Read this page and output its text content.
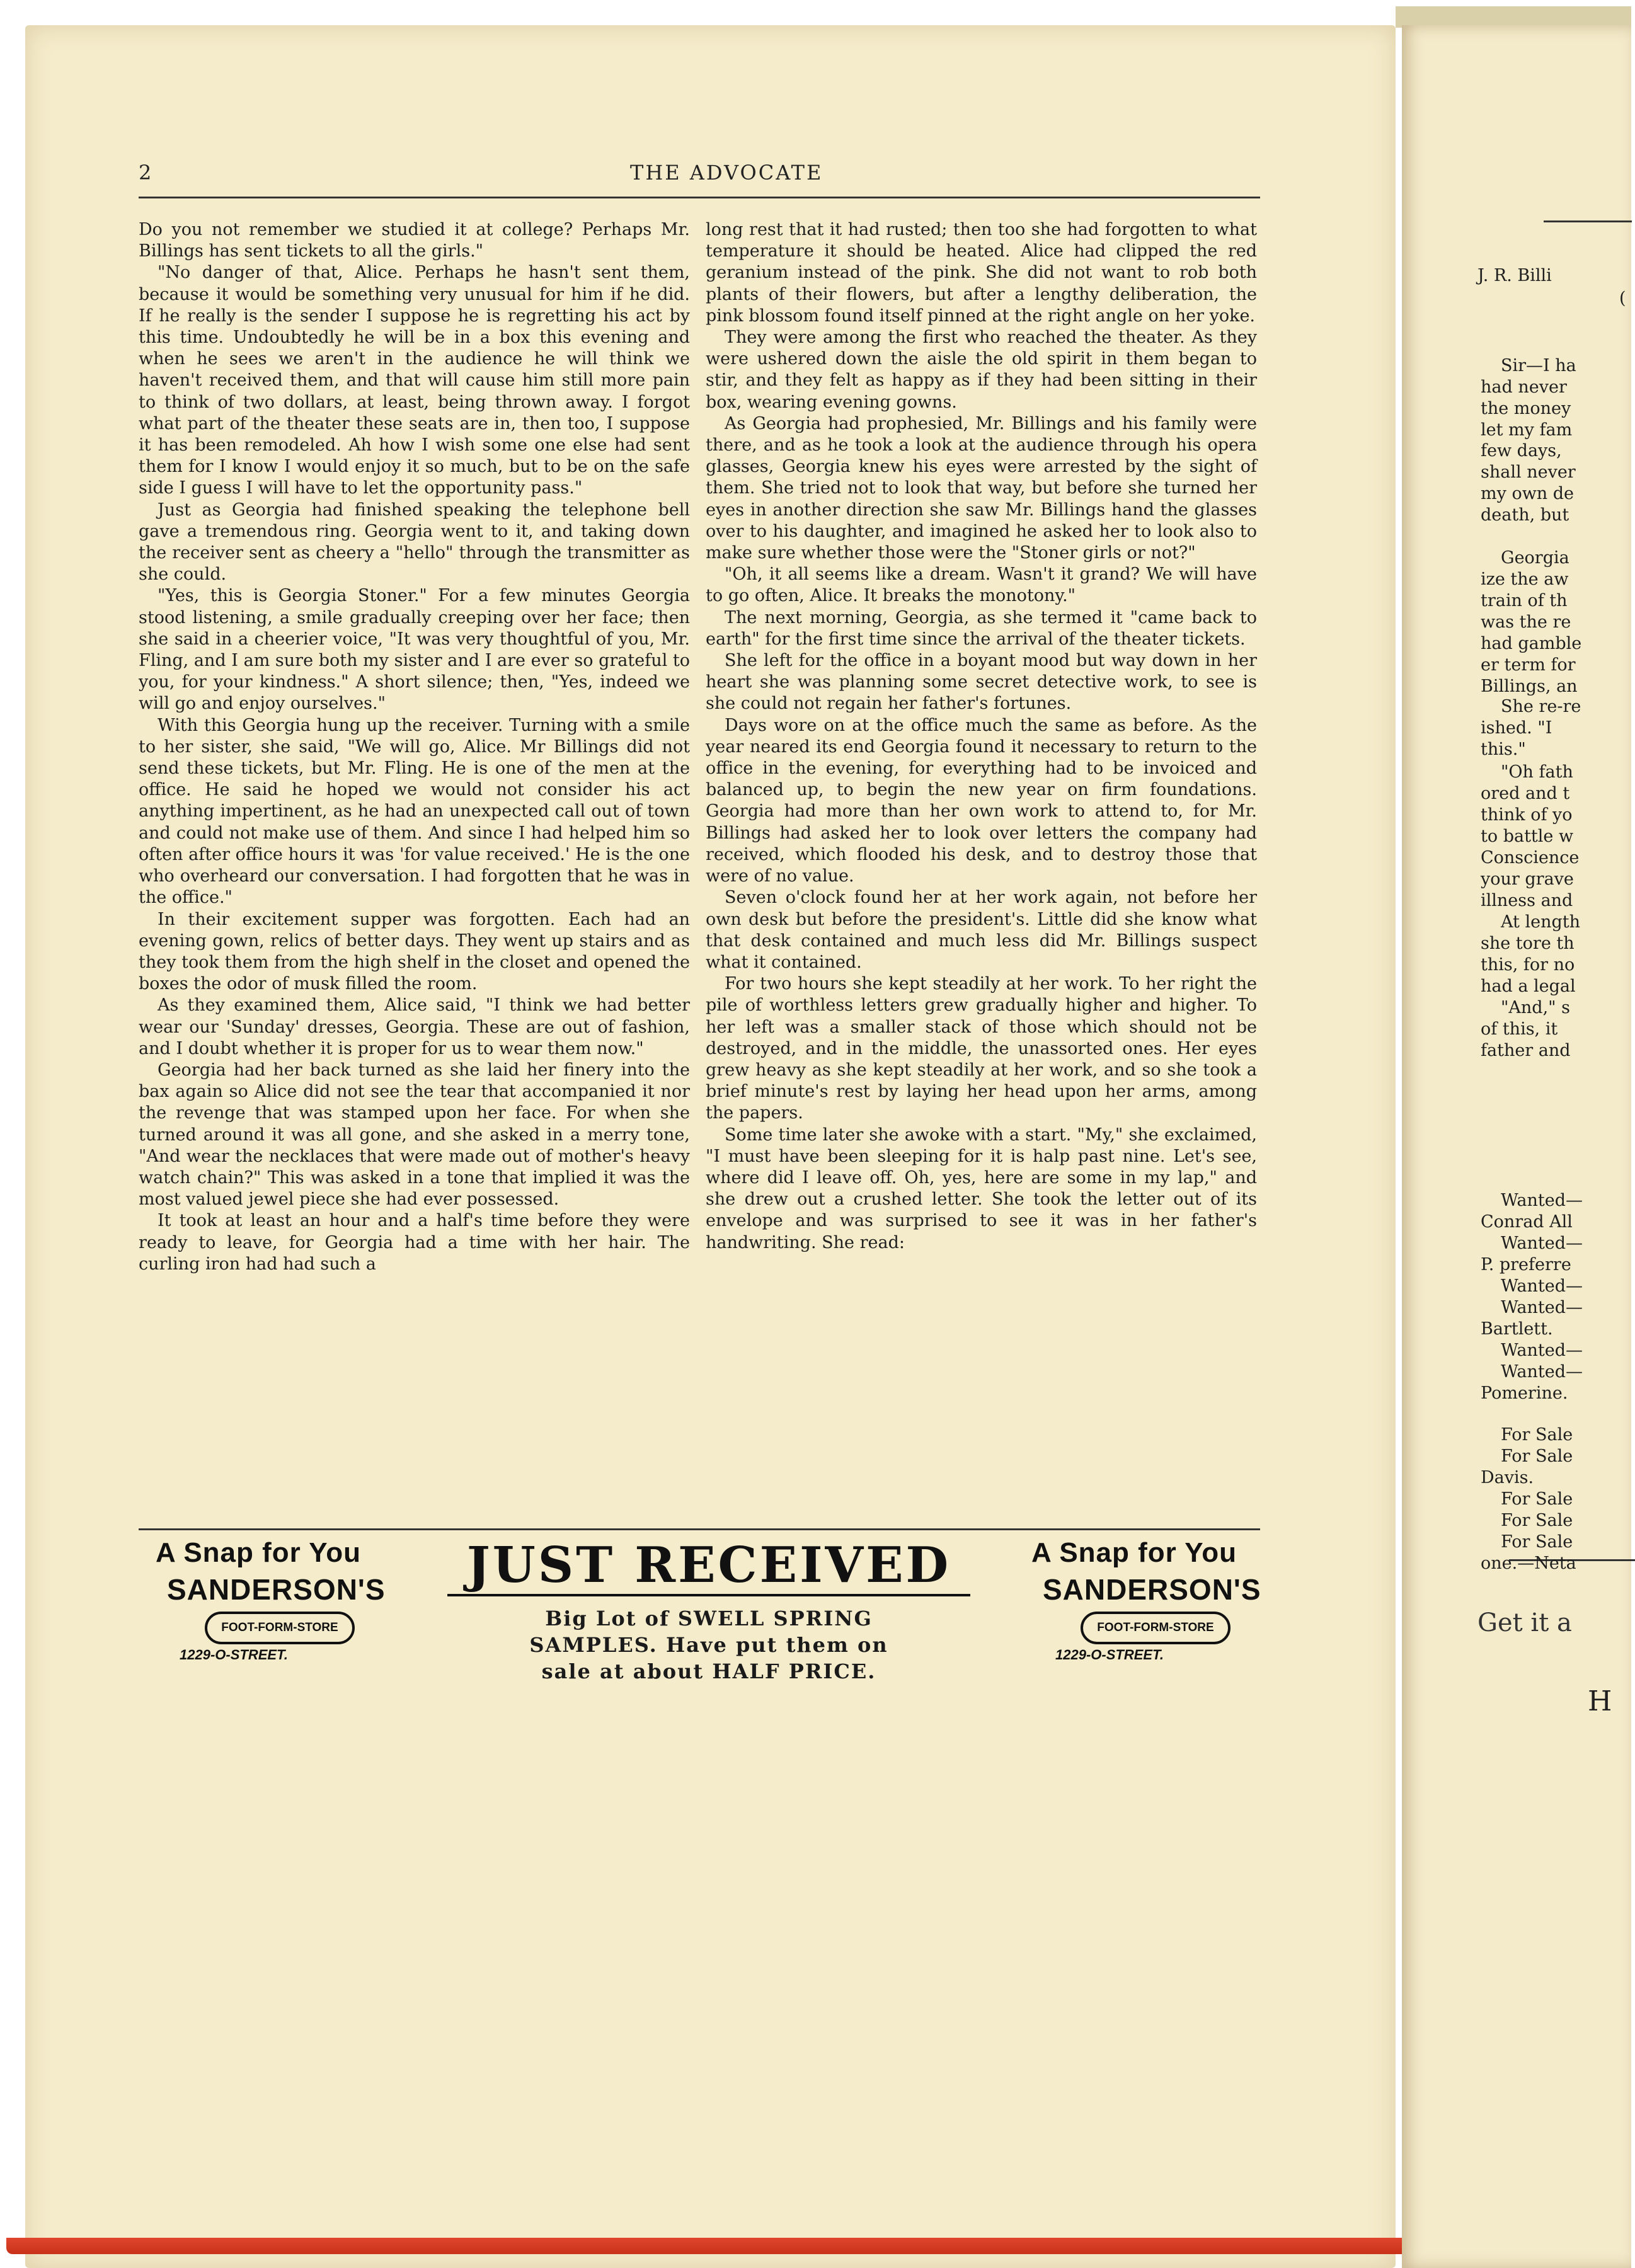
2	THE ADVOCATE

Do you not remember we studied it at college? Perhaps Mr. Billings has sent tickets to all the girls."

"No danger of that, Alice. Perhaps he hasn't sent them, because it would be something very unusual for him if he did. If he really is the sender I suppose he is regretting his act by this time. Undoubtedly he will be in a box this evening and when he sees we aren't in the audience he will think we haven't received them, and that will cause him still more pain to think of two dollars, at least, being thrown away. I forgot what part of the theater these seats are in, then too, I suppose it has been remodeled. Ah how I wish some one else had sent them for I know I would enjoy it so much, but to be on the safe side I guess I will have to let the opportunity pass."

Just as Georgia had finished speaking the telephone bell gave a tremendous ring. Georgia went to it, and taking down the receiver sent as cheery a "hello" through the transmitter as she could.

"Yes, this is Georgia Stoner." For a few minutes Georgia stood listening, a smile gradually creeping over her face; then she said in a cheerier voice, "It was very thoughtful of you, Mr. Fling, and I am sure both my sister and I are ever so grateful to you, for your kindness." A short silence; then, "Yes, indeed we will go and enjoy ourselves."

With this Georgia hung up the receiver. Turning with a smile to her sister, she said, "We will go, Alice. Mr Billings did not send these tickets, but Mr. Fling. He is one of the men at the office. He said he hoped we would not consider his act anything impertinent, as he had an unexpected call out of town and could not make use of them. And since I had helped him so often after office hours it was 'for value received.' He is the one who overheard our conversation. I had forgotten that he was in the office."

In their excitement supper was forgotten. Each had an evening gown, relics of better days. They went up stairs and as they took them from the high shelf in the closet and opened the boxes the odor of musk filled the room.

As they examined them, Alice said, "I think we had better wear our 'Sunday' dresses, Georgia. These are out of fashion, and I doubt whether it is proper for us to wear them now."

Georgia had her back turned as she laid her finery into the bax again so Alice did not see the tear that accompanied it nor the revenge that was stamped upon her face. For when she turned around it was all gone, and she asked in a merry tone, "And wear the necklaces that were made out of mother's heavy watch chain?" This was asked in a tone that implied it was the most valued jewel piece she had ever possessed.

It took at least an hour and a half's time before they were ready to leave, for Georgia had a time with her hair. The curling iron had had such a

long rest that it had rusted; then too she had forgotten to what temperature it should be heated. Alice had clipped the red geranium instead of the pink. She did not want to rob both plants of their flowers, but after a lengthy deliberation, the pink blossom found itself pinned at the right angle on her yoke.

They were among the first who reached the theater. As they were ushered down the aisle the old spirit in them began to stir, and they felt as happy as if they had been sitting in their box, wearing evening gowns.

As Georgia had prophesied, Mr. Billings and his family were there, and as he took a look at the audience through his opera glasses, Georgia knew his eyes were arrested by the sight of them. She tried not to look that way, but before she turned her eyes in another direction she saw Mr. Billings hand the glasses over to his daughter, and imagined he asked her to look also to make sure whether those were the "Stoner girls or not?"

"Oh, it all seems like a dream. Wasn't it grand? We will have to go often, Alice. It breaks the monotony."

The next morning, Georgia, as she termed it "came back to earth" for the first time since the arrival of the theater tickets.

She left for the office in a boyant mood but way down in her heart she was planning some secret detective work, to see is she could not regain her father's fortunes.

Days wore on at the office much the same as before. As the year neared its end Georgia found it necessary to return to the office in the evening, for everything had to be invoiced and balanced up, to begin the new year on firm foundations. Georgia had more than her own work to attend to, for Mr. Billings had asked her to look over letters the company had received, which flooded his desk, and to destroy those that were of no value.

Seven o'clock found her at her work again, not before her own desk but before the president's. Little did she know what that desk contained and much less did Mr. Billings suspect what it contained.

For two hours she kept steadily at her work. To her right the pile of worthless letters grew gradually higher and higher. To her left was a smaller stack of those which should not be destroyed, and in the middle, the unassorted ones. Her eyes grew heavy as she kept steadily at her work, and so she took a brief minute's rest by laying her head upon her arms, among the papers.

Some time later she awoke with a start. "My," she exclaimed, "I must have been sleeping for it is halp past nine. Let's see, where did I leave off. Oh, yes, here are some in my lap," and she drew out a crushed letter. She took the letter out of its envelope and was surprised to see it was in her father's handwriting. She read:

A Snap for You
SANDERSON'S
FOOT-FORM-STORE
1229-O-STREET.
JUST RECEIVED
Big Lot of SWELL SPRING
SAMPLES. Have put them on
sale at about HALF PRICE.
A Snap for You
SANDERSON'S
FOOT-FORM-STORE
1229-O-STREET.
J. R. Billi
(
Sir—I ha
had never
the money
let my fam
few days,
shall never
my own de
death, but
Georgia
ize the aw
train of th
was the re
had gamble
er term for
Billings, an
She re-re
ished. "I
this."
"Oh fath
ored and t
think of yo
to battle w
Conscience
your grave
illness and
At length
she tore th
this, for no
had a legal
"And," s
of this, it
father and
Wanted—
Conrad All
Wanted—
P. preferre
Wanted—
Wanted—
Bartlett.
Wanted—
Wanted—
Pomerine.
For Sale
For Sale
Davis.
For Sale
For Sale
For Sale
one.—Neta
Get it a
H
